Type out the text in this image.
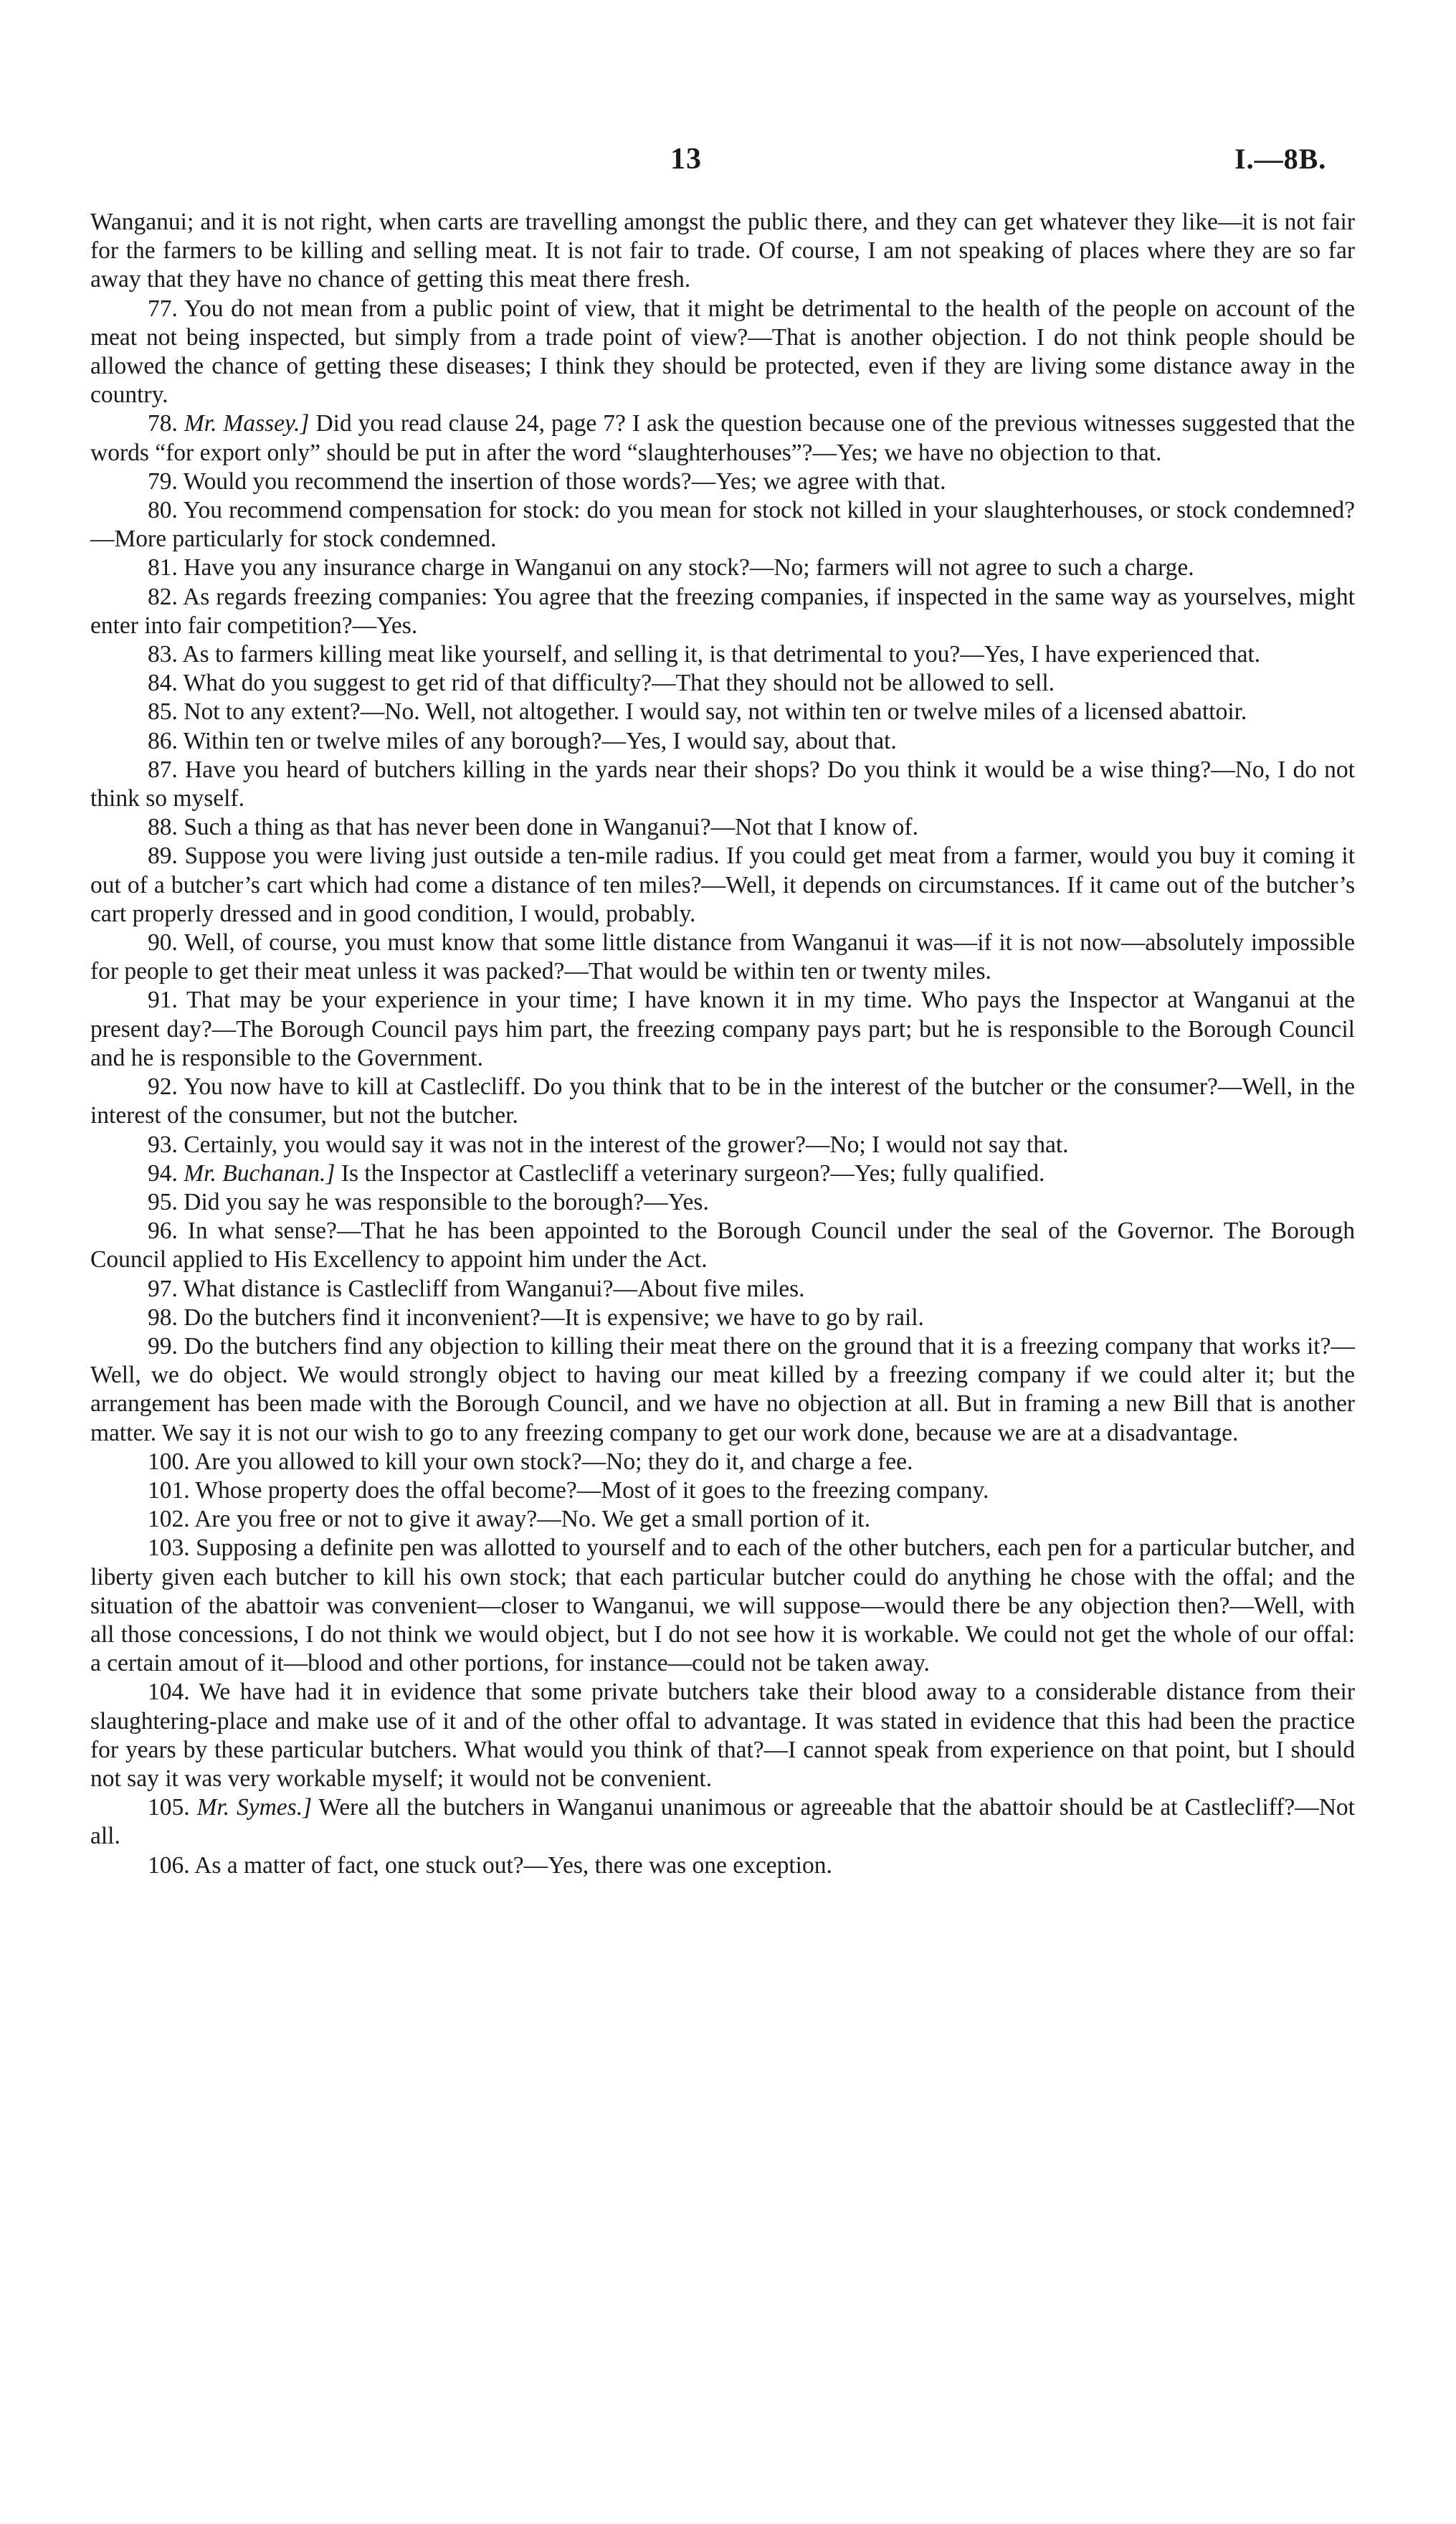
13	I.—8B.

Wanganui; and it is not right, when carts are travelling amongst the public there, and they can get whatever they like—it is not fair for the farmers to be killing and selling meat. It is not fair to trade. Of course, I am not speaking of places where they are so far away that they have no chance of getting this meat there fresh.

77. You do not mean from a public point of view, that it might be detrimental to the health of the people on account of the meat not being inspected, but simply from a trade point of view?—That is another objection. I do not think people should be allowed the chance of getting these diseases; I think they should be protected, even if they are living some distance away in the country.

78. Mr. Massey.] Did you read clause 24, page 7? I ask the question because one of the previous witnesses suggested that the words “for export only” should be put in after the word “slaughterhouses”?—Yes; we have no objection to that.

79. Would you recommend the insertion of those words?—Yes; we agree with that.

80. You recommend compensation for stock: do you mean for stock not killed in your slaughterhouses, or stock condemned?—More particularly for stock condemned.

81. Have you any insurance charge in Wanganui on any stock?—No; farmers will not agree to such a charge.

82. As regards freezing companies: You agree that the freezing companies, if inspected in the same way as yourselves, might enter into fair competition?—Yes.

83. As to farmers killing meat like yourself, and selling it, is that detrimental to you?—Yes, I have experienced that.

84. What do you suggest to get rid of that difficulty?—That they should not be allowed to sell.

85. Not to any extent?—No. Well, not altogether. I would say, not within ten or twelve miles of a licensed abattoir.

86. Within ten or twelve miles of any borough?—Yes, I would say, about that.

87. Have you heard of butchers killing in the yards near their shops? Do you think it would be a wise thing?—No, I do not think so myself.

88. Such a thing as that has never been done in Wanganui?—Not that I know of.

89. Suppose you were living just outside a ten-mile radius. If you could get meat from a farmer, would you buy it coming it out of a butcher’s cart which had come a distance of ten miles?—Well, it depends on circumstances. If it came out of the butcher’s cart properly dressed and in good condition, I would, probably.

90. Well, of course, you must know that some little distance from Wanganui it was—if it is not now—absolutely impossible for people to get their meat unless it was packed?—That would be within ten or twenty miles.

91. That may be your experience in your time; I have known it in my time. Who pays the Inspector at Wanganui at the present day?—The Borough Council pays him part, the freezing company pays part; but he is responsible to the Borough Council and he is responsible to the Government.

92. You now have to kill at Castlecliff. Do you think that to be in the interest of the butcher or the consumer?—Well, in the interest of the consumer, but not the butcher.

93. Certainly, you would say it was not in the interest of the grower?—No; I would not say that.

94. Mr. Buchanan.] Is the Inspector at Castlecliff a veterinary surgeon?—Yes; fully qualified.

95. Did you say he was responsible to the borough?—Yes.

96. In what sense?—That he has been appointed to the Borough Council under the seal of the Governor. The Borough Council applied to His Excellency to appoint him under the Act.

97. What distance is Castlecliff from Wanganui?—About five miles.

98. Do the butchers find it inconvenient?—It is expensive; we have to go by rail.

99. Do the butchers find any objection to killing their meat there on the ground that it is a freezing company that works it?—Well, we do object. We would strongly object to having our meat killed by a freezing company if we could alter it; but the arrangement has been made with the Borough Council, and we have no objection at all. But in framing a new Bill that is another matter. We say it is not our wish to go to any freezing company to get our work done, because we are at a disadvantage.

100. Are you allowed to kill your own stock?—No; they do it, and charge a fee.

101. Whose property does the offal become?—Most of it goes to the freezing company.

102. Are you free or not to give it away?—No. We get a small portion of it.

103. Supposing a definite pen was allotted to yourself and to each of the other butchers, each pen for a particular butcher, and liberty given each butcher to kill his own stock; that each particular butcher could do anything he chose with the offal; and the situation of the abattoir was convenient—closer to Wanganui, we will suppose—would there be any objection then?—Well, with all those concessions, I do not think we would object, but I do not see how it is workable. We could not get the whole of our offal: a certain amout of it—blood and other portions, for instance—could not be taken away.

104. We have had it in evidence that some private butchers take their blood away to a considerable distance from their slaughtering-place and make use of it and of the other offal to advantage. It was stated in evidence that this had been the practice for years by these particular butchers. What would you think of that?—I cannot speak from experience on that point, but I should not say it was very workable myself; it would not be convenient.

105. Mr. Symes.] Were all the butchers in Wanganui unanimous or agreeable that the abattoir should be at Castlecliff?—Not all.

106. As a matter of fact, one stuck out?—Yes, there was one exception.
